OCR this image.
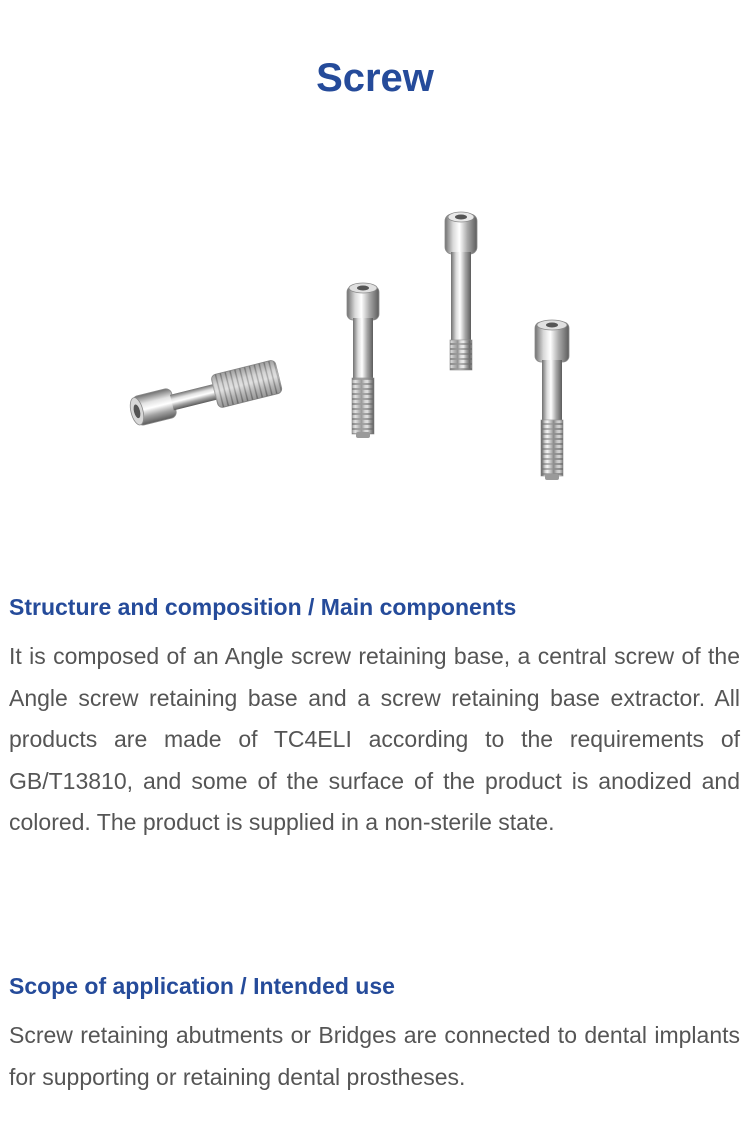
Screw
Structure and composition / Main components

It is composed of an Angle screw retaining base, a central screw of the Angle screw retaining base and a screw retaining base extractor. All products are made of TC4ELI according to the requirements of GB/T13810, and some of the surface of the product is anodized and colored. The product is supplied in a non-sterile state.

Scope of application / Intended use

Screw retaining abutments or Bridges are connected to dental implants for supporting or retaining dental prostheses.
